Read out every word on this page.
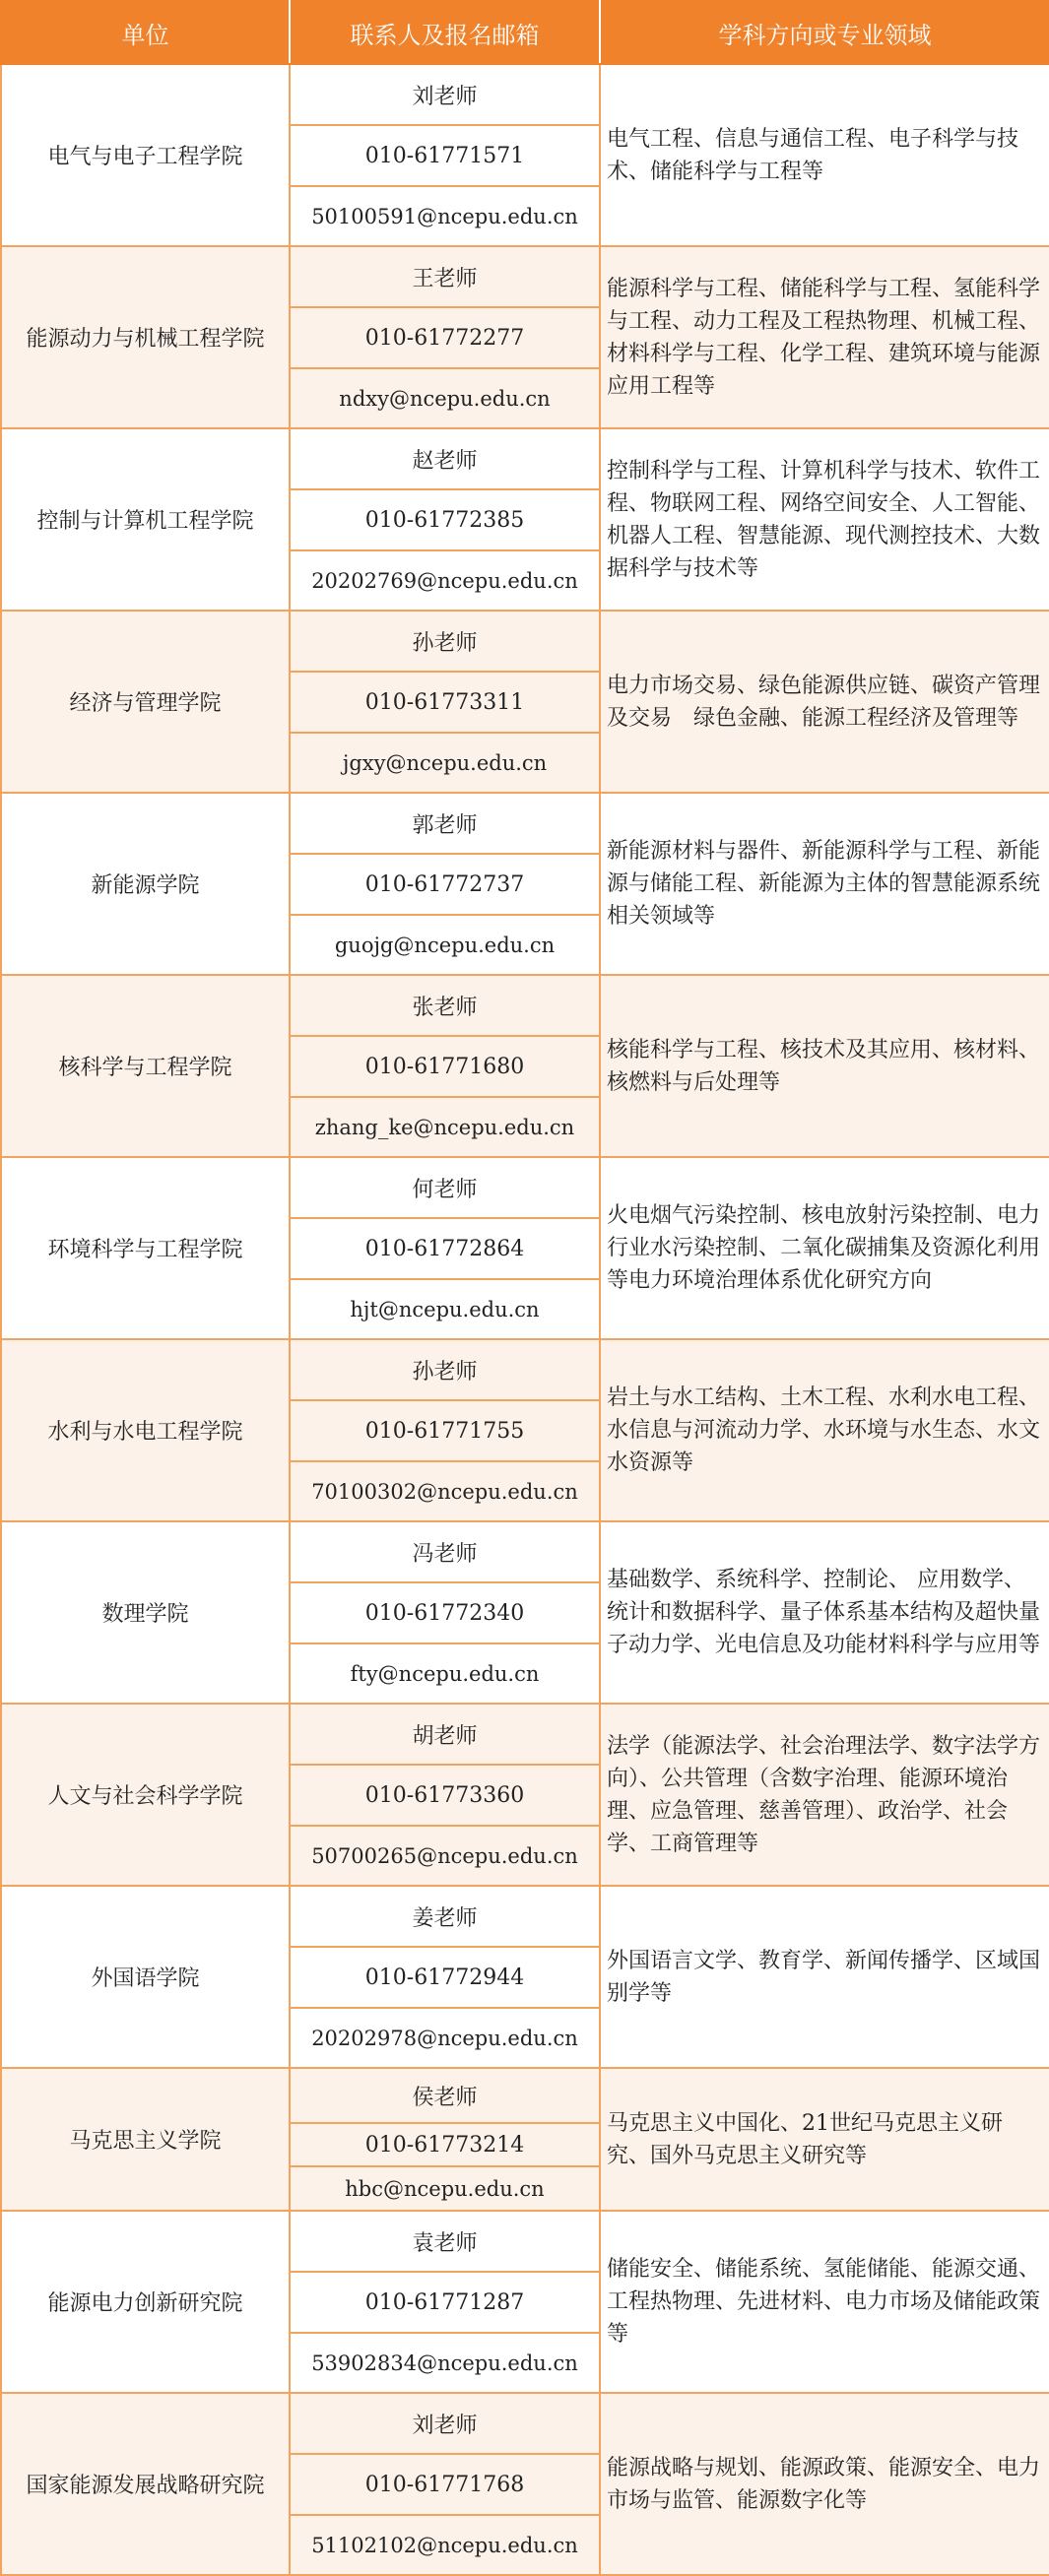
单位	联系人及报名邮箱	学科方向或专业领域
电气与电子工程学院	刘老师	电气工程、信息与通信工程、电子科学与技术、储能科学与工程等
	010-61771571	
	50100591@ncepu.edu.cn	
能源动力与机械工程学院	王老师	能源科学与工程、储能科学与工程、氢能科学与工程、动力工程及工程热物理、机械工程、材料科学与工程、化学工程、建筑环境与能源应用工程等
	010-61772277	
	ndxy@ncepu.edu.cn	
控制与计算机工程学院	赵老师	控制科学与工程、计算机科学与技术、软件工程、物联网工程、网络空间安全、人工智能、机器人工程、智慧能源、现代测控技术、大数据科学与技术等
	010-61772385	
	20202769@ncepu.edu.cn	
经济与管理学院	孙老师	电力市场交易、绿色能源供应链、碳资产管理及交易　绿色金融、能源工程经济及管理等
	010-61773311	
	jgxy@ncepu.edu.cn	
新能源学院	郭老师	新能源材料与器件、新能源科学与工程、新能源与储能工程、新能源为主体的智慧能源系统相关领域等
	010-61772737	
	guojg@ncepu.edu.cn	
核科学与工程学院	张老师	核能科学与工程、核技术及其应用、核材料、核燃料与后处理等
	010-61771680	
	zhang_ke@ncepu.edu.cn	
环境科学与工程学院	何老师	火电烟气污染控制、核电放射污染控制、电力行业水污染控制、二氧化碳捕集及资源化利用等电力环境治理体系优化研究方向
	010-61772864	
	hjt@ncepu.edu.cn	
水利与水电工程学院	孙老师	岩土与水工结构、土木工程、水利水电工程、水信息与河流动力学、水环境与水生态、水文水资源等
	010-61771755	
	70100302@ncepu.edu.cn	
数理学院	冯老师	基础数学、系统科学、控制论、 应用数学、统计和数据科学、量子体系基本结构及超快量子动力学、光电信息及功能材料科学与应用等
	010-61772340	
	fty@ncepu.edu.cn	
人文与社会科学学院	胡老师	法学（能源法学、社会治理法学、数字法学方向）、公共管理（含数字治理、能源环境治理、应急管理、慈善管理）、政治学、社会学、工商管理等
	010-61773360	
	50700265@ncepu.edu.cn	
外国语学院	姜老师	外国语言文学、教育学、新闻传播学、区域国别学等
	010-61772944	
	20202978@ncepu.edu.cn	
马克思主义学院	侯老师	马克思主义中国化、21世纪马克思主义研究、国外马克思主义研究等
	010-61773214	
	hbc@ncepu.edu.cn	
能源电力创新研究院	袁老师	储能安全、储能系统、氢能储能、能源交通、工程热物理、先进材料、电力市场及储能政策等
	010-61771287	
	53902834@ncepu.edu.cn	
国家能源发展战略研究院	刘老师	能源战略与规划、能源政策、能源安全、电力市场与监管、能源数字化等
	010-61771768	
	51102102@ncepu.edu.cn	
